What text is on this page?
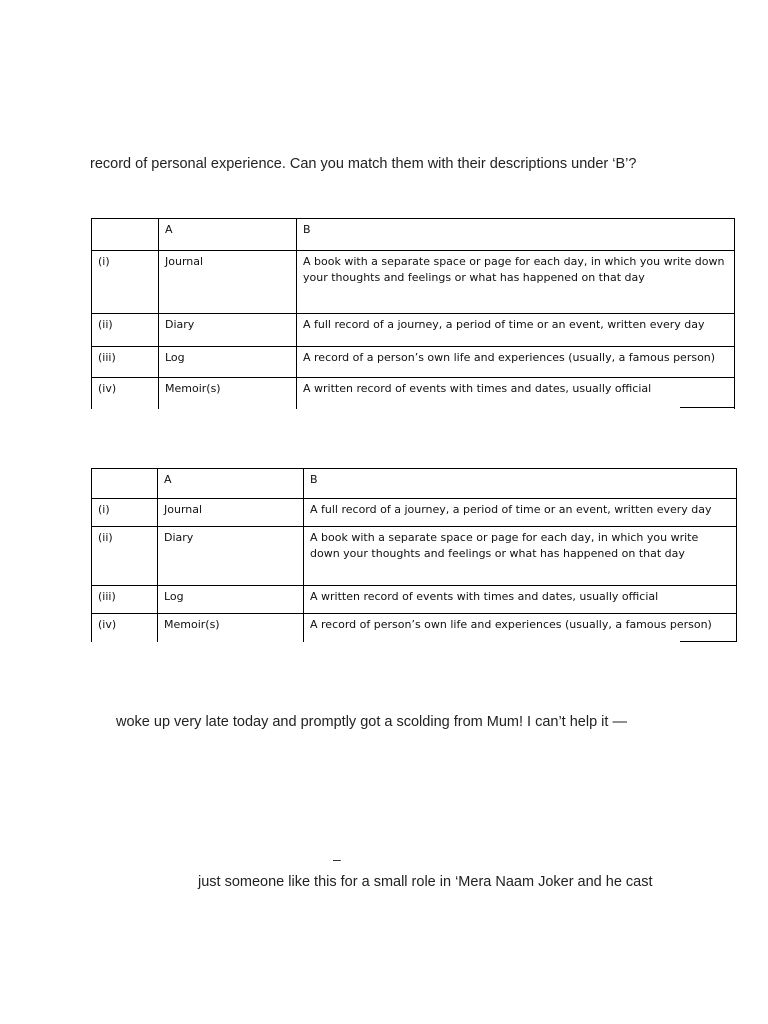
record of personal experience. Can you match them with their descriptions under ‘B’?
	A	B
(i)	Journal	A book with a separate space or page for each day, in which you write down your thoughts and feelings or what has happened on that day
(ii)	Diary	A full record of a journey, a period of time or an event, written every day
(iii)	Log	A record of a person’s own life and experiences (usually, a famous person)
(iv)	Memoir(s)	A written record of events with times and dates, usually official
	A	B
(i)	Journal	A full record of a journey, a period of time or an event, written every day
(ii)	Diary	A book with a separate space or page for each day, in which you write down your thoughts and feelings or what has happened on that day
(iii)	Log	A written record of events with times and dates, usually official
(iv)	Memoir(s)	A record of person’s own life and experiences (usually, a famous person)
woke up very late today and promptly got a scolding from Mum! I can’t help it —
–
just someone like this for a small role in ‘Mera Naam Joker and he cast
